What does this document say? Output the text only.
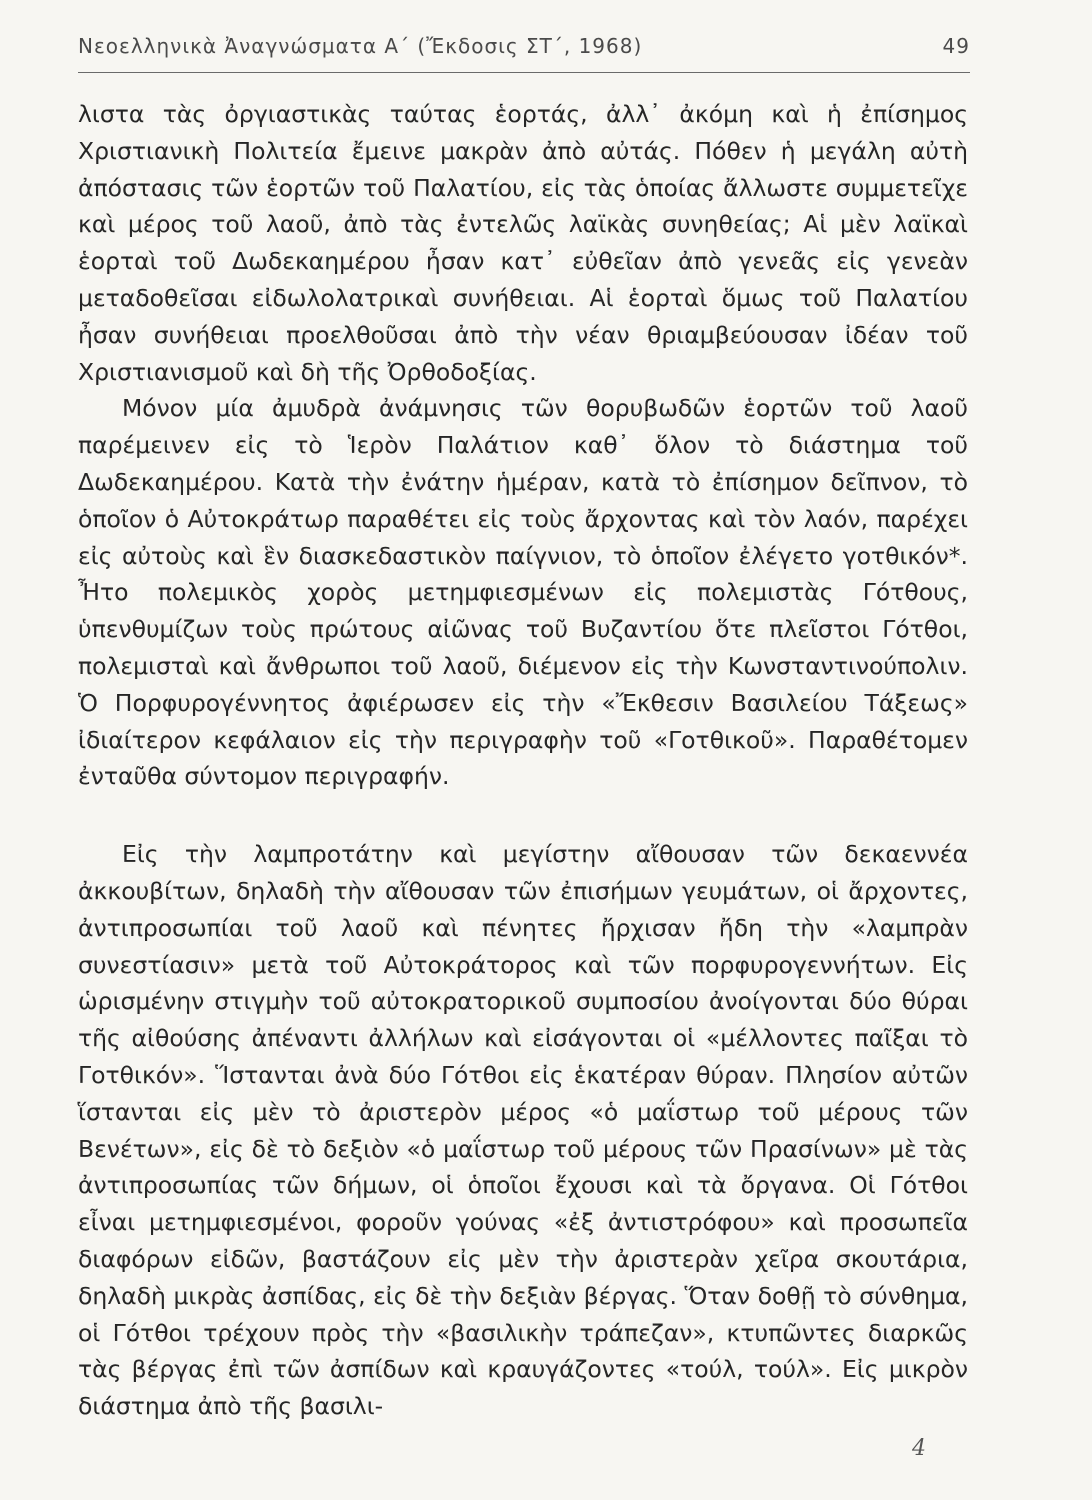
Νεοελληνικὰ Ἀναγνώσματα Α΄ (Ἔκδοσις ΣΤ΄, 1968)	49

λιστα τὰς ὀργιαστικὰς ταύτας ἑορτάς, ἀλλ᾽ ἀκόμη καὶ ἡ ἐπίσημος Χριστιανικὴ Πολιτεία ἔμεινε μακρὰν ἀπὸ αὐτάς. Πόθεν ἡ μεγάλη αὐτὴ ἀπόστασις τῶν ἑορτῶν τοῦ Παλατίου, εἰς τὰς ὁποίας ἄλλωστε συμμετεῖχε καὶ μέρος τοῦ λαοῦ, ἀπὸ τὰς ἐντελῶς λαϊκὰς συνηθείας; Αἱ μὲν λαϊκαὶ ἑορταὶ τοῦ Δωδεκαημέρου ἦσαν κατ᾽ εὐθεῖαν ἀπὸ γενεᾶς εἰς γενεὰν μεταδοθεῖσαι εἰδωλολατρικαὶ συνήθειαι. Αἱ ἑορταὶ ὅμως τοῦ Παλατίου ἦσαν συνήθειαι προελθοῦσαι ἀπὸ τὴν νέαν θριαμβεύουσαν ἰδέαν τοῦ Χριστιανισμοῦ καὶ δὴ τῆς Ὀρθοδοξίας.

Μόνον μία ἀμυδρὰ ἀνάμνησις τῶν θορυβωδῶν ἑορτῶν τοῦ λαοῦ παρέμεινεν εἰς τὸ Ἱερὸν Παλάτιον καθ᾽ ὅλον τὸ διάστημα τοῦ Δωδεκαημέρου. Κατὰ τὴν ἐνάτην ἡμέραν, κατὰ τὸ ἐπίσημον δεῖπνον, τὸ ὁποῖον ὁ Αὐτοκράτωρ παραθέτει εἰς τοὺς ἄρχοντας καὶ τὸν λαόν, παρέχει εἰς αὐτοὺς καὶ ἓν διασκεδαστικὸν παίγνιον, τὸ ὁποῖον ἐλέγετο γοτθικόν*. Ἦτο πολεμικὸς χορὸς μετημφιεσμένων εἰς πολεμιστὰς Γότθους, ὑπενθυμίζων τοὺς πρώτους αἰῶνας τοῦ Βυζαντίου ὅτε πλεῖστοι Γότθοι, πολεμισταὶ καὶ ἄνθρωποι τοῦ λαοῦ, διέμενον εἰς τὴν Κωνσταντινούπολιν. Ὁ Πορφυρογέννητος ἀφιέρωσεν εἰς τὴν «Ἔκθεσιν Βασιλείου Τάξεως» ἰδιαίτερον κεφάλαιον εἰς τὴν περιγραφὴν τοῦ «Γοτθικοῦ». Παραθέτομεν ἐνταῦθα σύντομον περιγραφήν.

Εἰς τὴν λαμπροτάτην καὶ μεγίστην αἴθουσαν τῶν δεκαεννέα ἀκκουβίτων, δηλαδὴ τὴν αἴθουσαν τῶν ἐπισήμων γευμάτων, οἱ ἄρχοντες, ἀντιπροσωπίαι τοῦ λαοῦ καὶ πένητες ἤρχισαν ἤδη τὴν «λαμπρὰν συνεστίασιν» μετὰ τοῦ Αὐτοκράτορος καὶ τῶν πορφυρογεννήτων. Εἰς ὡρισμένην στιγμὴν τοῦ αὐτοκρατορικοῦ συμποσίου ἀνοίγονται δύο θύραι τῆς αἰθούσης ἀπέναντι ἀλλήλων καὶ εἰσάγονται οἱ «μέλλοντες παῖξαι τὸ Γοτθικόν». Ἵστανται ἀνὰ δύο Γότθοι εἰς ἑκατέραν θύραν. Πλησίον αὐτῶν ἵστανται εἰς μὲν τὸ ἀριστερὸν μέρος «ὁ μαΐστωρ τοῦ μέρους τῶν Βενέτων», εἰς δὲ τὸ δεξιὸν «ὁ μαΐστωρ τοῦ μέρους τῶν Πρασίνων» μὲ τὰς ἀντιπροσωπίας τῶν δήμων, οἱ ὁποῖοι ἔχουσι καὶ τὰ ὄργανα. Οἱ Γότθοι εἶναι μετημφιεσμένοι, φοροῦν γούνας «ἐξ ἀντιστρόφου» καὶ προσωπεῖα διαφόρων εἰδῶν, βαστάζουν εἰς μὲν τὴν ἀριστερὰν χεῖρα σκουτάρια, δηλαδὴ μικρὰς ἀσπίδας, εἰς δὲ τὴν δεξιὰν βέργας. Ὅταν δοθῇ τὸ σύνθημα, οἱ Γότθοι τρέχουν πρὸς τὴν «βασιλικὴν τράπεζαν», κτυπῶντες διαρκῶς τὰς βέργας ἐπὶ τῶν ἀσπίδων καὶ κραυγάζοντες «τούλ, τούλ». Εἰς μικρὸν διάστημα ἀπὸ τῆς βασιλι-

4
